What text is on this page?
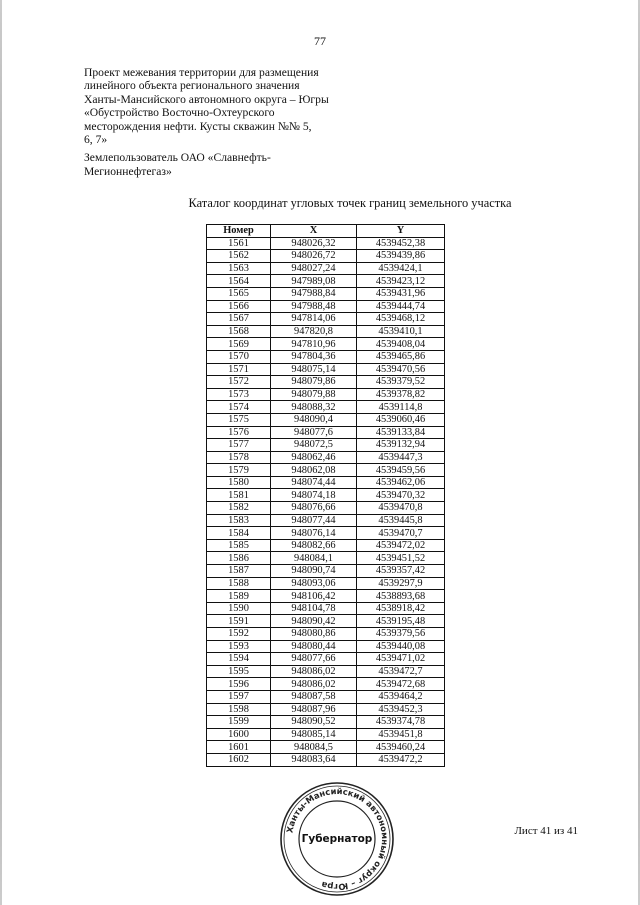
77
Проект межевания территории для размещения
линейного объекта регионального значения
Ханты-Мансийского автономного округа – Югры
«Обустройство Восточно-Охтеурского
месторождения нефти. Кусты скважин №№ 5,
6, 7»
Землепользователь ОАО «Славнефть-
Мегионнефтегаз»
Каталог координат угловых точек границ земельного участка
Номер	X	Y
1561	948026,32	4539452,38
1562	948026,72	4539439,86
1563	948027,24	4539424,1
1564	947989,08	4539423,12
1565	947988,84	4539431,96
1566	947988,48	4539444,74
1567	947814,06	4539468,12
1568	947820,8	4539410,1
1569	947810,96	4539408,04
1570	947804,36	4539465,86
1571	948075,14	4539470,56
1572	948079,86	4539379,52
1573	948079,88	4539378,82
1574	948088,32	4539114,8
1575	948090,4	4539060,46
1576	948077,6	4539133,84
1577	948072,5	4539132,94
1578	948062,46	4539447,3
1579	948062,08	4539459,56
1580	948074,44	4539462,06
1581	948074,18	4539470,32
1582	948076,66	4539470,8
1583	948077,44	4539445,8
1584	948076,14	4539470,7
1585	948082,66	4539472,02
1586	948084,1	4539451,52
1587	948090,74	4539357,42
1588	948093,06	4539297,9
1589	948106,42	4538893,68
1590	948104,78	4538918,42
1591	948090,42	4539195,48
1592	948080,86	4539379,56
1593	948080,44	4539440,08
1594	948077,66	4539471,02
1595	948086,02	4539472,7
1596	948086,02	4539472,68
1597	948087,58	4539464,2
1598	948087,96	4539452,3
1599	948090,52	4539374,78
1600	948085,14	4539451,8
1601	948084,5	4539460,24
1602	948083,64	4539472,2
Лист 41 из 41
Ханты-Мансийский автономный округ – Югра
Губернатор
